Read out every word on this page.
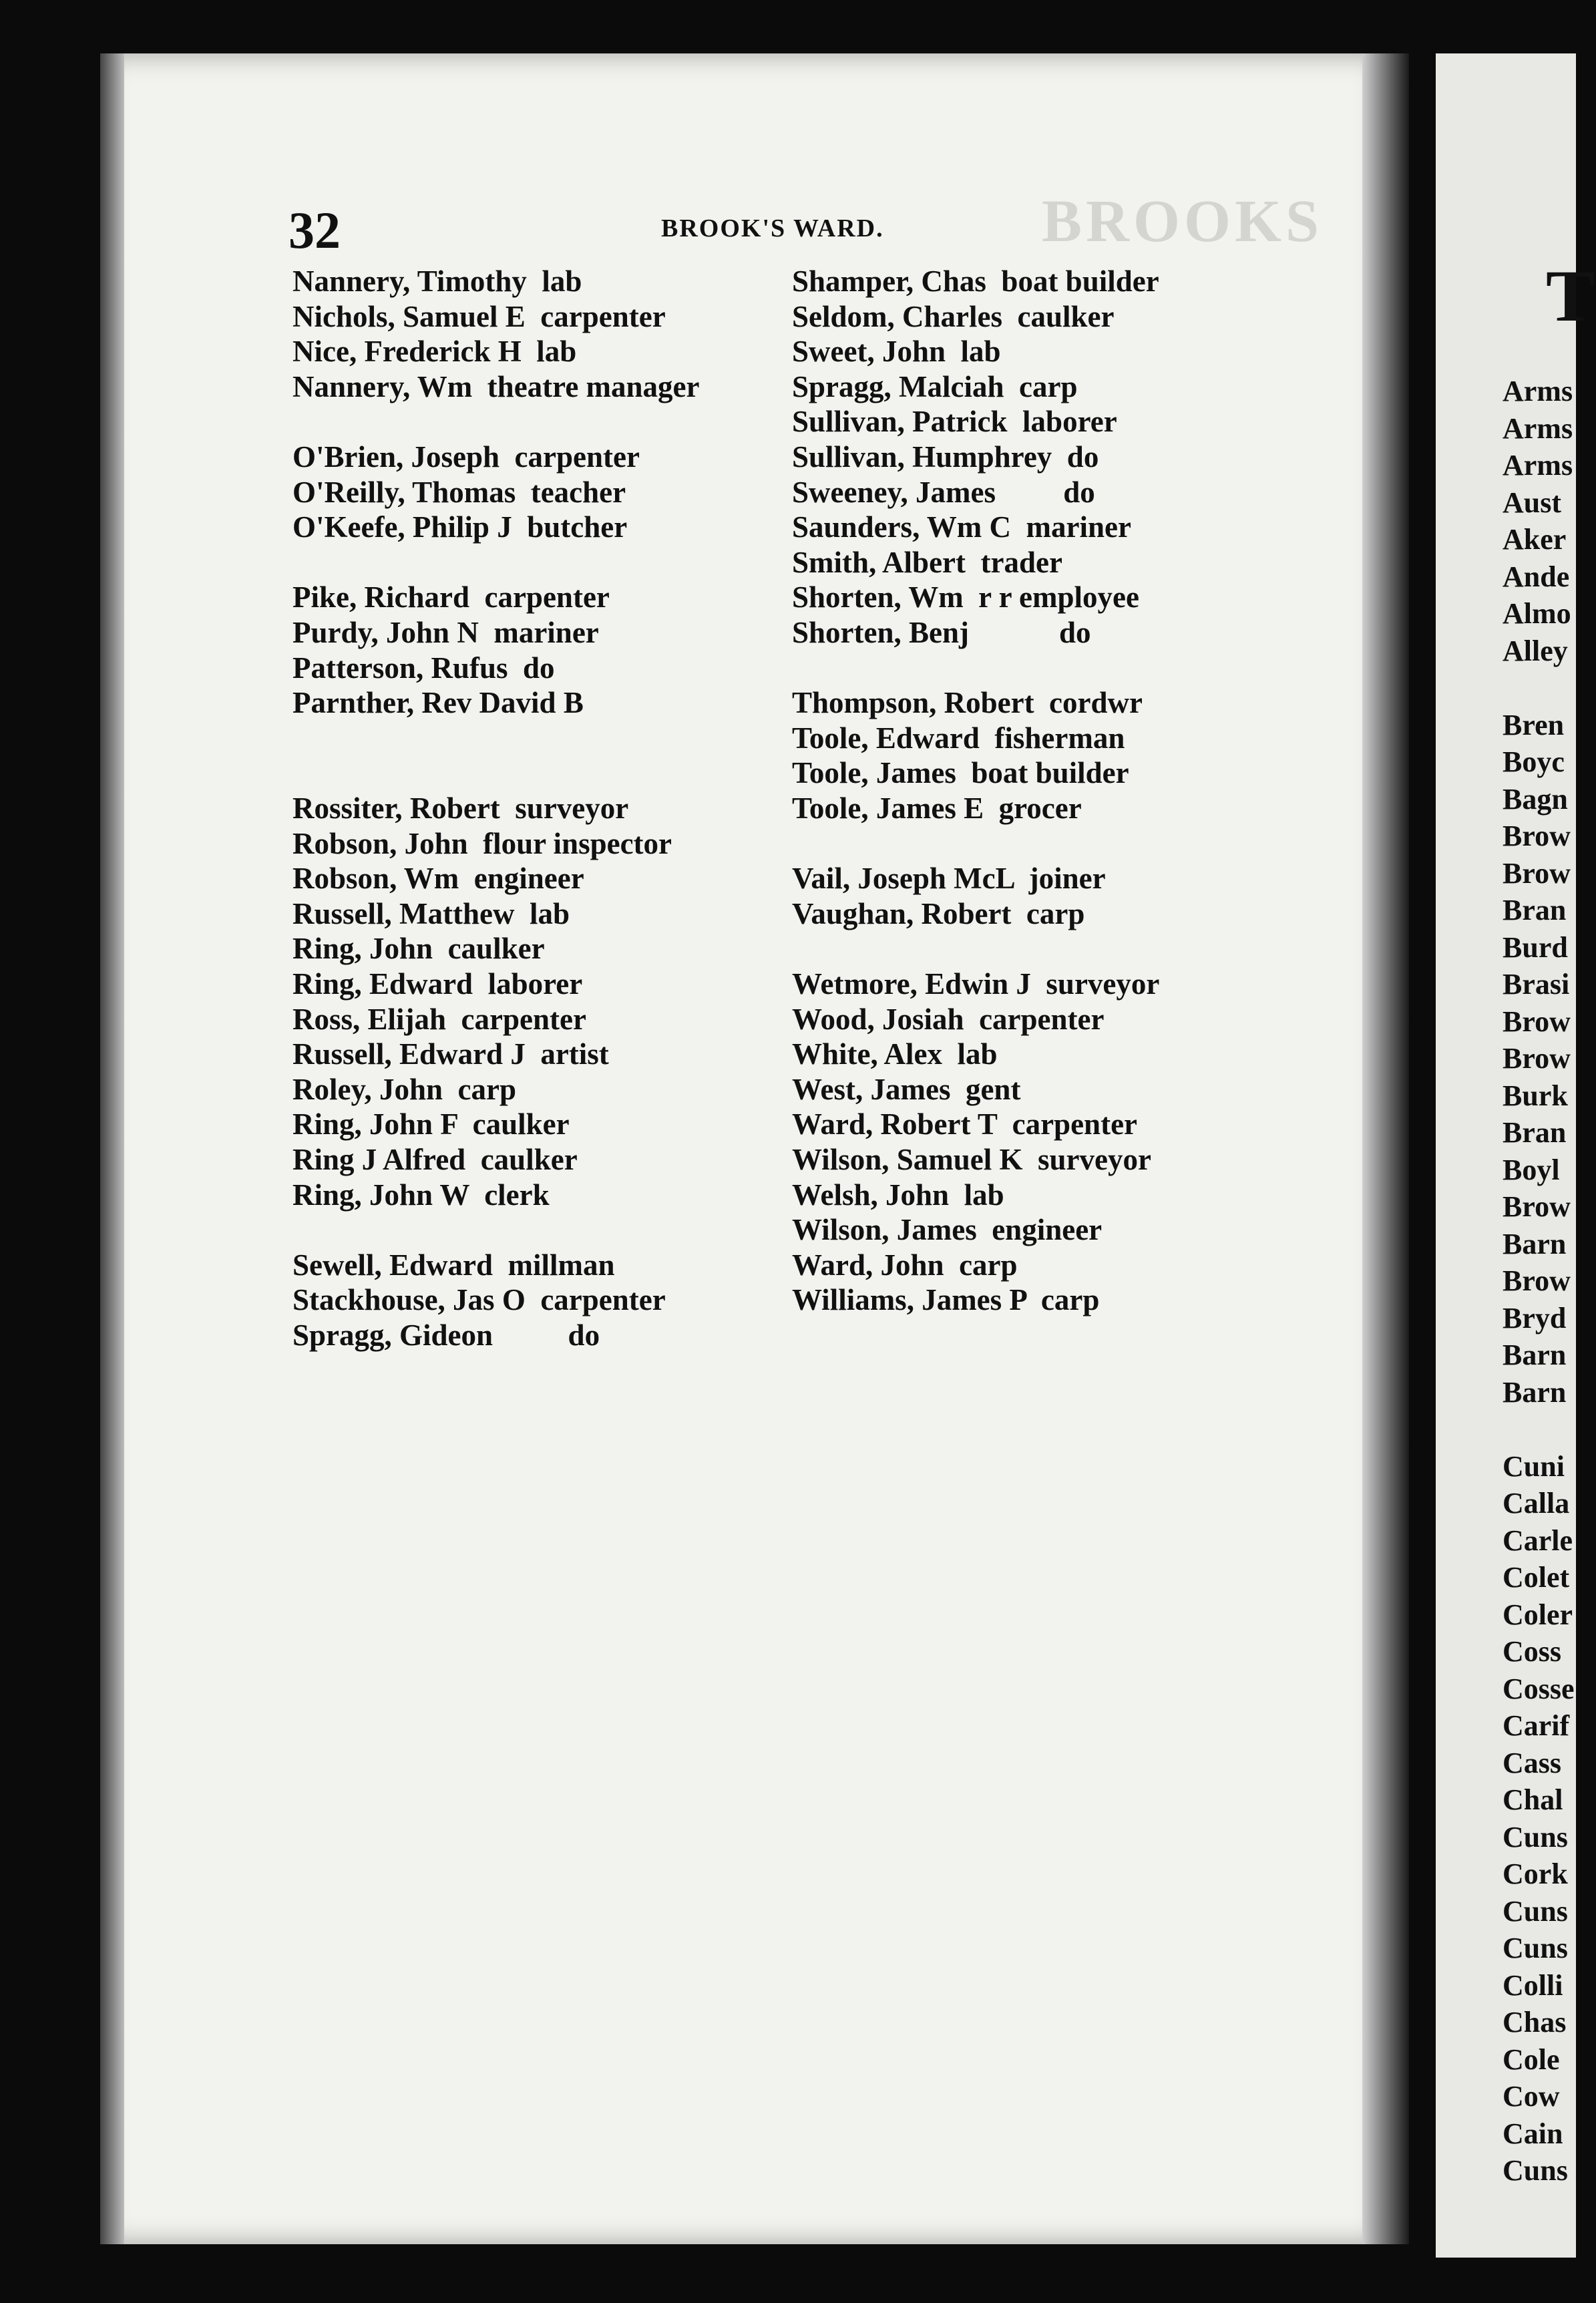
BROOKS
32	BROOK'S WARD.
Nannery, Timothy  lab
Nichols, Samuel E  carpenter
Nice, Frederick H  lab
Nannery, Wm  theatre manager
O'Brien, Joseph  carpenter
O'Reilly, Thomas  teacher
O'Keefe, Philip J  butcher
Pike, Richard  carpenter
Purdy, John N  mariner
Patterson, Rufus  do
Parnther, Rev David B
Rossiter, Robert  surveyor
Robson, John  flour inspector
Robson, Wm  engineer
Russell, Matthew  lab
Ring, John  caulker
Ring, Edward  laborer
Ross, Elijah  carpenter
Russell, Edward J  artist
Roley, John  carp
Ring, John F  caulker
Ring J Alfred  caulker
Ring, John W  clerk
Sewell, Edward  millman
Stackhouse, Jas O  carpenter
Spragg, Gideon          do
Shamper, Chas  boat builder
Seldom, Charles  caulker
Sweet, John  lab
Spragg, Malciah  carp
Sullivan, Patrick  laborer
Sullivan, Humphrey  do
Sweeney, James         do
Saunders, Wm C  mariner
Smith, Albert  trader
Shorten, Wm  r r employee
Shorten, Benj            do
Thompson, Robert  cordwr
Toole, Edward  fisherman
Toole, James  boat builder
Toole, James E  grocer
Vail, Joseph McL  joiner
Vaughan, Robert  carp
Wetmore, Edwin J  surveyor
Wood, Josiah  carpenter
White, Alex  lab
West, James  gent
Ward, Robert T  carpenter
Wilson, Samuel K  surveyor
Welsh, John  lab
Wilson, James  engineer
Ward, John  carp
Williams, James P  carp
T
Arms
Arms
Arms
Aust
Aker
Ande
Almo
Alley
Bren
Boyc
Bagn
Brow
Brow
Bran
Burd
Brasi
Brow
Brow
Burk
Bran
Boyl
Brow
Barn
Brow
Bryd
Barn
Barn
Cuni
Calla
Carle
Colet
Coler
Coss
Cosse
Carif
Cass
Chal
Cuns
Cork
Cuns
Cuns
Colli
Chas
Cole
Cow
Cain
Cuns
